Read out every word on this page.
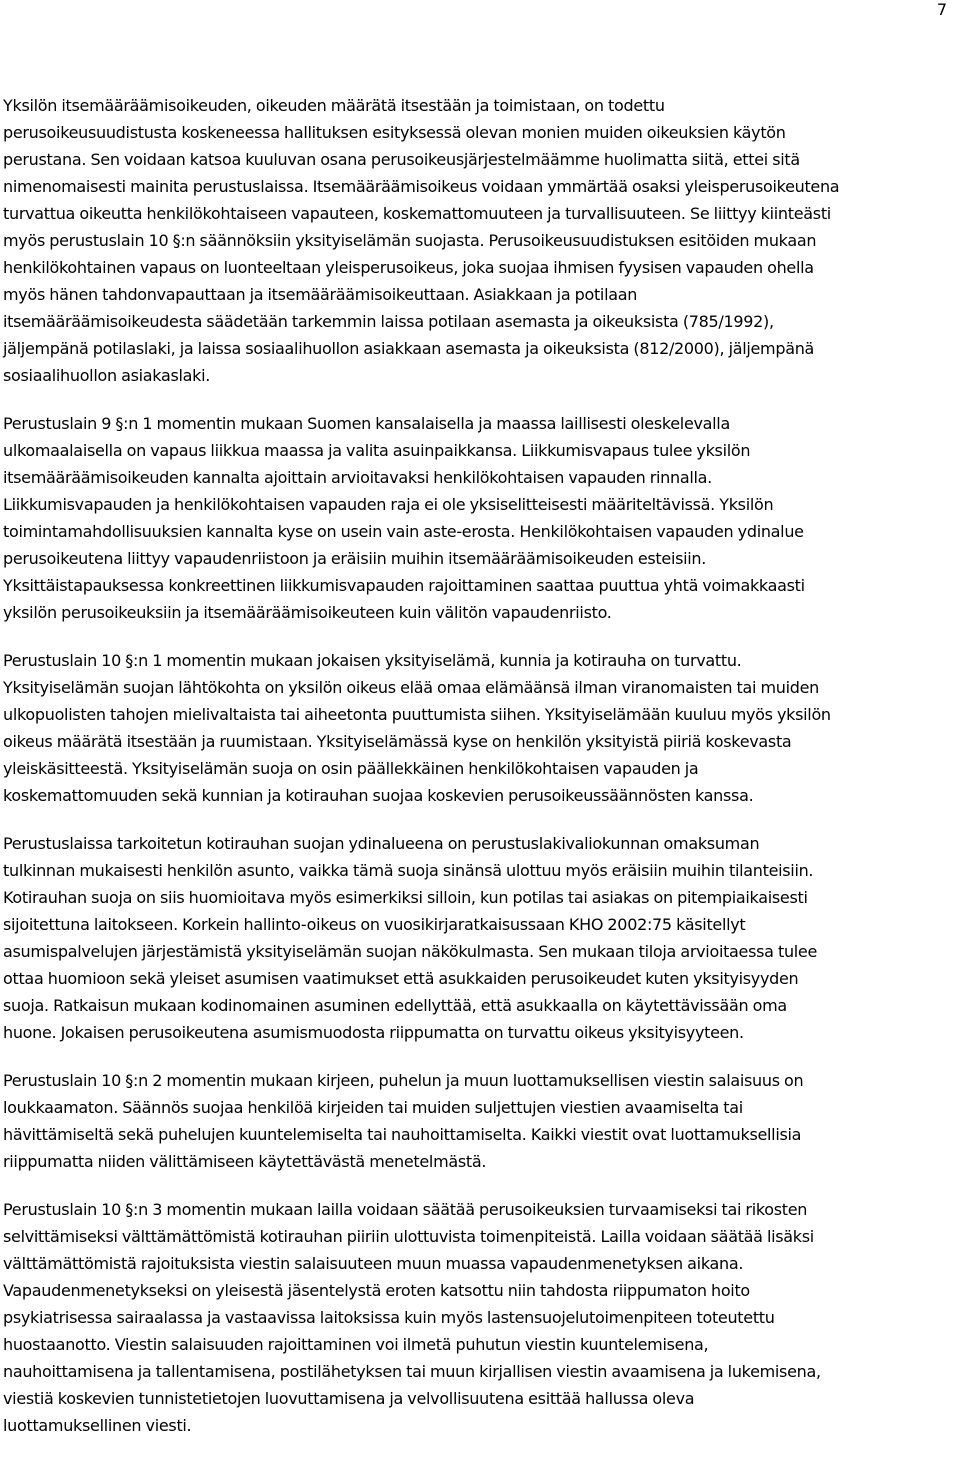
7
Yksilön itsemääräämisoikeuden, oikeuden määrätä itsestään ja toimistaan, on todettu
perusoikeusuudistusta koskeneessa hallituksen esityksessä olevan monien muiden oikeuksien käytön
perustana. Sen voidaan katsoa kuuluvan osana perusoikeusjärjestelmäämme huolimatta siitä, ettei sitä
nimenomaisesti mainita perustuslaissa. Itsemääräämisoikeus voidaan ymmärtää osaksi yleisperusoikeutena
turvattua oikeutta henkilökohtaiseen vapauteen, koskemattomuuteen ja turvallisuuteen. Se liittyy kiinteästi
myös perustuslain 10 §:n säännöksiin yksityiselämän suojasta. Perusoikeusuudistuksen esitöiden mukaan
henkilökohtainen vapaus on luonteeltaan yleisperusoikeus, joka suojaa ihmisen fyysisen vapauden ohella
myös hänen tahdonvapauttaan ja itsemääräämisoikeuttaan. Asiakkaan ja potilaan
itsemääräämisoikeudesta säädetään tarkemmin laissa potilaan asemasta ja oikeuksista (785/1992),
jäljempänä potilaslaki, ja laissa sosiaalihuollon asiakkaan asemasta ja oikeuksista (812/2000), jäljempänä
sosiaalihuollon asiakaslaki.
Perustuslain 9 §:n 1 momentin mukaan Suomen kansalaisella ja maassa laillisesti oleskelevalla
ulkomaalaisella on vapaus liikkua maassa ja valita asuinpaikkansa. Liikkumisvapaus tulee yksilön
itsemääräämisoikeuden kannalta ajoittain arvioitavaksi henkilökohtaisen vapauden rinnalla.
Liikkumisvapauden ja henkilökohtaisen vapauden raja ei ole yksiselitteisesti määriteltävissä. Yksilön
toimintamahdollisuuksien kannalta kyse on usein vain aste-erosta. Henkilökohtaisen vapauden ydinalue
perusoikeutena liittyy vapaudenriistoon ja eräisiin muihin itsemääräämisoikeuden esteisiin.
Yksittäistapauksessa konkreettinen liikkumisvapauden rajoittaminen saattaa puuttua yhtä voimakkaasti
yksilön perusoikeuksiin ja itsemääräämisoikeuteen kuin välitön vapaudenriisto.
Perustuslain 10 §:n 1 momentin mukaan jokaisen yksityiselämä, kunnia ja kotirauha on turvattu.
Yksityiselämän suojan lähtökohta on yksilön oikeus elää omaa elämäänsä ilman viranomaisten tai muiden
ulkopuolisten tahojen mielivaltaista tai aiheetonta puuttumista siihen. Yksityiselämään kuuluu myös yksilön
oikeus määrätä itsestään ja ruumistaan. Yksityiselämässä kyse on henkilön yksityistä piiriä koskevasta
yleiskäsitteestä. Yksityiselämän suoja on osin päällekkäinen henkilökohtaisen vapauden ja
koskemattomuuden sekä kunnian ja kotirauhan suojaa koskevien perusoikeussäännösten kanssa.
Perustuslaissa tarkoitetun kotirauhan suojan ydinalueena on perustuslakivaliokunnan omaksuman
tulkinnan mukaisesti henkilön asunto, vaikka tämä suoja sinänsä ulottuu myös eräisiin muihin tilanteisiin.
Kotirauhan suoja on siis huomioitava myös esimerkiksi silloin, kun potilas tai asiakas on pitempiaikaisesti
sijoitettuna laitokseen. Korkein hallinto-oikeus on vuosikirjaratkaisussaan KHO 2002:75 käsitellyt
asumispalvelujen järjestämistä yksityiselämän suojan näkökulmasta. Sen mukaan tiloja arvioitaessa tulee
ottaa huomioon sekä yleiset asumisen vaatimukset että asukkaiden perusoikeudet kuten yksityisyyden
suoja. Ratkaisun mukaan kodinomainen asuminen edellyttää, että asukkaalla on käytettävissään oma
huone. Jokaisen perusoikeutena asumismuodosta riippumatta on turvattu oikeus yksityisyyteen.
Perustuslain 10 §:n 2 momentin mukaan kirjeen, puhelun ja muun luottamuksellisen viestin salaisuus on
loukkaamaton. Säännös suojaa henkilöä kirjeiden tai muiden suljettujen viestien avaamiselta tai
hävittämiseltä sekä puhelujen kuuntelemiselta tai nauhoittamiselta. Kaikki viestit ovat luottamuksellisia
riippumatta niiden välittämiseen käytettävästä menetelmästä.
Perustuslain 10 §:n 3 momentin mukaan lailla voidaan säätää perusoikeuksien turvaamiseksi tai rikosten
selvittämiseksi välttämättömistä kotirauhan piiriin ulottuvista toimenpiteistä. Lailla voidaan säätää lisäksi
välttämättömistä rajoituksista viestin salaisuuteen muun muassa vapaudenmenetyksen aikana.
Vapaudenmenetykseksi on yleisestä jäsentelystä eroten katsottu niin tahdosta riippumaton hoito
psykiatrisessa sairaalassa ja vastaavissa laitoksissa kuin myös lastensuojelutoimenpiteen toteutettu
huostaanotto. Viestin salaisuuden rajoittaminen voi ilmetä puhutun viestin kuuntelemisena,
nauhoittamisena ja tallentamisena, postilähetyksen tai muun kirjallisen viestin avaamisena ja lukemisena,
viestiä koskevien tunnistetietojen luovuttamisena ja velvollisuutena esittää hallussa oleva
luottamuksellinen viesti.
